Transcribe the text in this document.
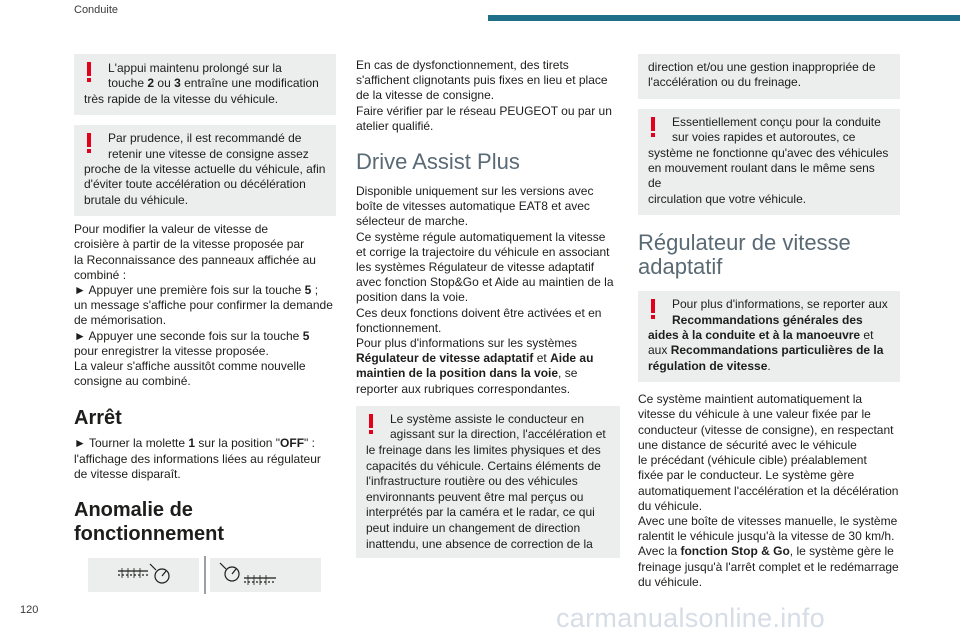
Conduite

L'appui maintenu prolongé sur la
touche 2 ou 3 entraîne une modification
très rapide de la vitesse du véhicule.

Par prudence, il est recommandé de
retenir une vitesse de consigne assez
proche de la vitesse actuelle du véhicule, afin
d'éviter toute accélération ou décélération
brutale du véhicule.

Pour modifier la valeur de vitesse de
croisière à partir de la vitesse proposée par
la Reconnaissance des panneaux affichée au
combiné :
► Appuyer une première fois sur la touche 5 ;
un message s'affiche pour confirmer la demande
de mémorisation.
► Appuyer une seconde fois sur la touche 5
pour enregistrer la vitesse proposée.
La valeur s'affiche aussitôt comme nouvelle
consigne au combiné.

Arrêt

► Tourner la molette 1 sur la position "OFF" :
l'affichage des informations liées au régulateur
de vitesse disparaît.

Anomalie de
fonctionnement

En cas de dysfonctionnement, des tirets
s'affichent clignotants puis fixes en lieu et place
de la vitesse de consigne.
Faire vérifier par le réseau PEUGEOT ou par un
atelier qualifié.

Drive Assist Plus

Disponible uniquement sur les versions avec
boîte de vitesses automatique EAT8 et avec
sélecteur de marche.
Ce système régule automatiquement la vitesse
et corrige la trajectoire du véhicule en associant
les systèmes Régulateur de vitesse adaptatif
avec fonction Stop&Go et Aide au maintien de la
position dans la voie.
Ces deux fonctions doivent être activées et en
fonctionnement.
Pour plus d'informations sur les systèmes
Régulateur de vitesse adaptatif et Aide au
maintien de la position dans la voie, se
reporter aux rubriques correspondantes.

Le système assiste le conducteur en
agissant sur la direction, l'accélération et
le freinage dans les limites physiques et des
capacités du véhicule. Certains éléments de
l'infrastructure routière ou des véhicules
environnants peuvent être mal perçus ou
interprétés par la caméra et le radar, ce qui
peut induire un changement de direction
inattendu, une absence de correction de la

direction et/ou une gestion inappropriée de
l'accélération ou du freinage.

Essentiellement conçu pour la conduite
sur voies rapides et autoroutes, ce
système ne fonctionne qu'avec des véhicules
en mouvement roulant dans le même sens de
circulation que votre véhicule.

Régulateur de vitesse
adaptatif

Pour plus d'informations, se reporter aux
Recommandations générales des
aides à la conduite et à la manoeuvre et
aux Recommandations particulières de la
régulation de vitesse.

Ce système maintient automatiquement la
vitesse du véhicule à une valeur fixée par le
conducteur (vitesse de consigne), en respectant
une distance de sécurité avec le véhicule
le précédant (véhicule cible) préalablement
fixée par le conducteur. Le système gère
automatiquement l'accélération et la décélération
du véhicule.
Avec une boîte de vitesses manuelle, le système
ralentit le véhicule jusqu'à la vitesse de 30 km/h.
Avec la fonction Stop & Go, le système gère le
freinage jusqu'à l'arrêt complet et le redémarrage
du véhicule.

120	carmanualsonline.info
